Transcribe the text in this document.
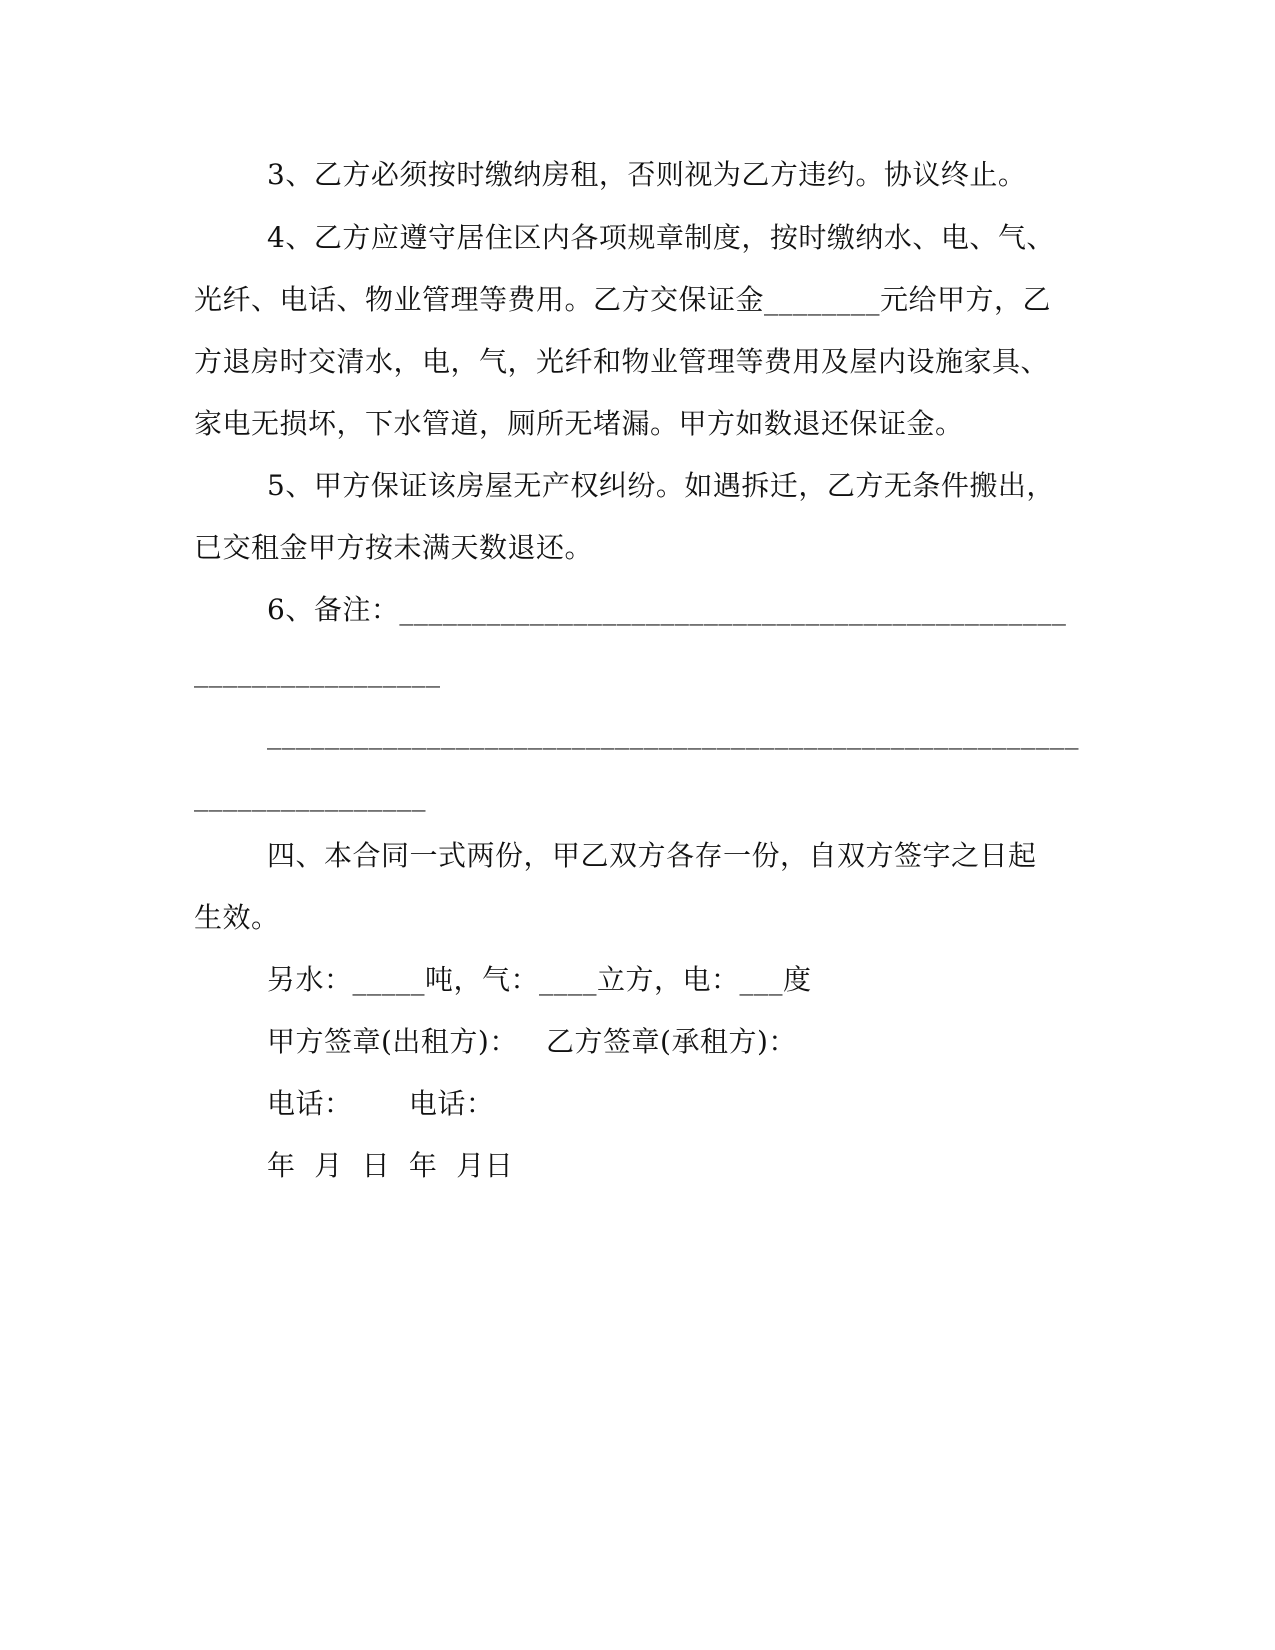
3、乙方必须按时缴纳房租，否则视为乙方违约。协议终止。
4、乙方应遵守居住区内各项规章制度，按时缴纳水、电、气、
光纤、电话、物业管理等费用。乙方交保证金________元给甲方，乙
方退房时交清水，电，气，光纤和物业管理等费用及屋内设施家具、
家电无损坏，下水管道，厕所无堵漏。甲方如数退还保证金。
5、甲方保证该房屋无产权纠纷。如遇拆迁，乙方无条件搬出，
已交租金甲方按未满天数退还。
6、备注：______________________________________________
_________________
________________________________________________________
________________
四、本合同一式两份，甲乙双方各存一份，自双方签字之日起
生效。
另水：_____吨，气：____立方，电：___度
甲方签章(出租方)：   乙方签章(承租方)：
电话：      电话：
年  月  日  年  月日
